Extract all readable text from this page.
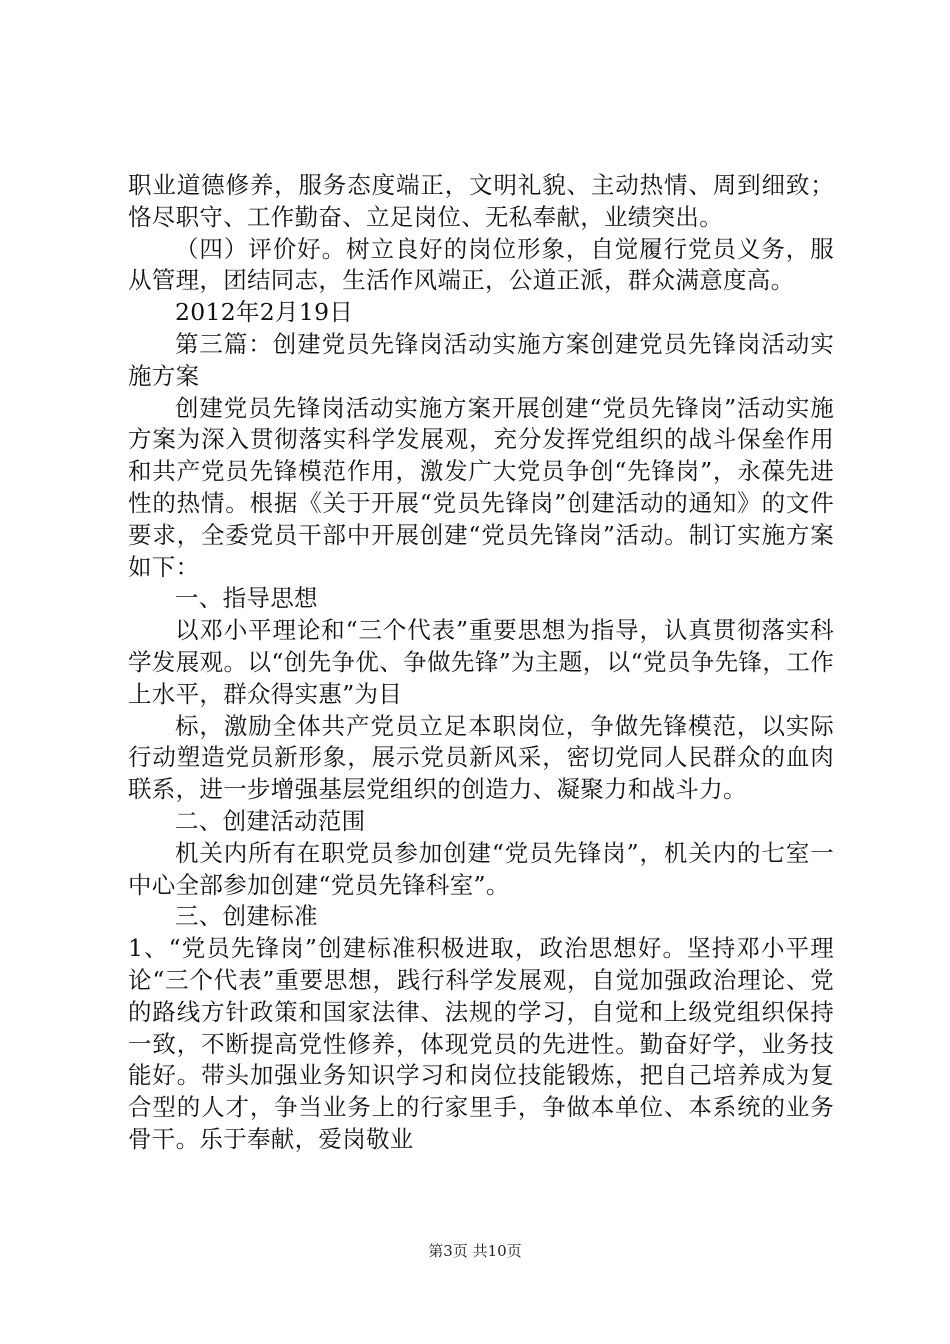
职业道德修养，服务态度端正，文明礼貌、主动热情、周到细致；恪尽职守、工作勤奋、立足岗位、无私奉献，业绩突出。

（四）评价好。树立良好的岗位形象，自觉履行党员义务，服从管理，团结同志，生活作风端正，公道正派，群众满意度高。

2012年2月19日

第三篇：创建党员先锋岗活动实施方案创建党员先锋岗活动实施方案

创建党员先锋岗活动实施方案开展创建“党员先锋岗”活动实施方案为深入贯彻落实科学发展观，充分发挥党组织的战斗保垒作用和共产党员先锋模范作用，激发广大党员争创“先锋岗”，永葆先进性的热情。根据《关于开展“党员先锋岗”创建活动的通知》的文件要求，全委党员干部中开展创建“党员先锋岗”活动。制订实施方案如下：

一、指导思想

以邓小平理论和“三个代表”重要思想为指导，认真贯彻落实科学发展观。以“创先争优、争做先锋”为主题，以“党员争先锋，工作上水平，群众得实惠”为目

标，激励全体共产党员立足本职岗位，争做先锋模范，以实际行动塑造党员新形象，展示党员新风采，密切党同人民群众的血肉联系，进一步增强基层党组织的创造力、凝聚力和战斗力。

二、创建活动范围

机关内所有在职党员参加创建“党员先锋岗”，机关内的七室一中心全部参加创建“党员先锋科室”。

三、创建标准

1、“党员先锋岗”创建标准积极进取，政治思想好。坚持邓小平理论“三个代表”重要思想，践行科学发展观，自觉加强政治理论、党的路线方针政策和国家法律、法规的学习，自觉和上级党组织保持一致，不断提高党性修养，体现党员的先进性。勤奋好学，业务技能好。带头加强业务知识学习和岗位技能锻炼，把自己培养成为复合型的人才，争当业务上的行家里手，争做本单位、本系统的业务骨干。乐于奉献，爱岗敬业

第3页 共10页
